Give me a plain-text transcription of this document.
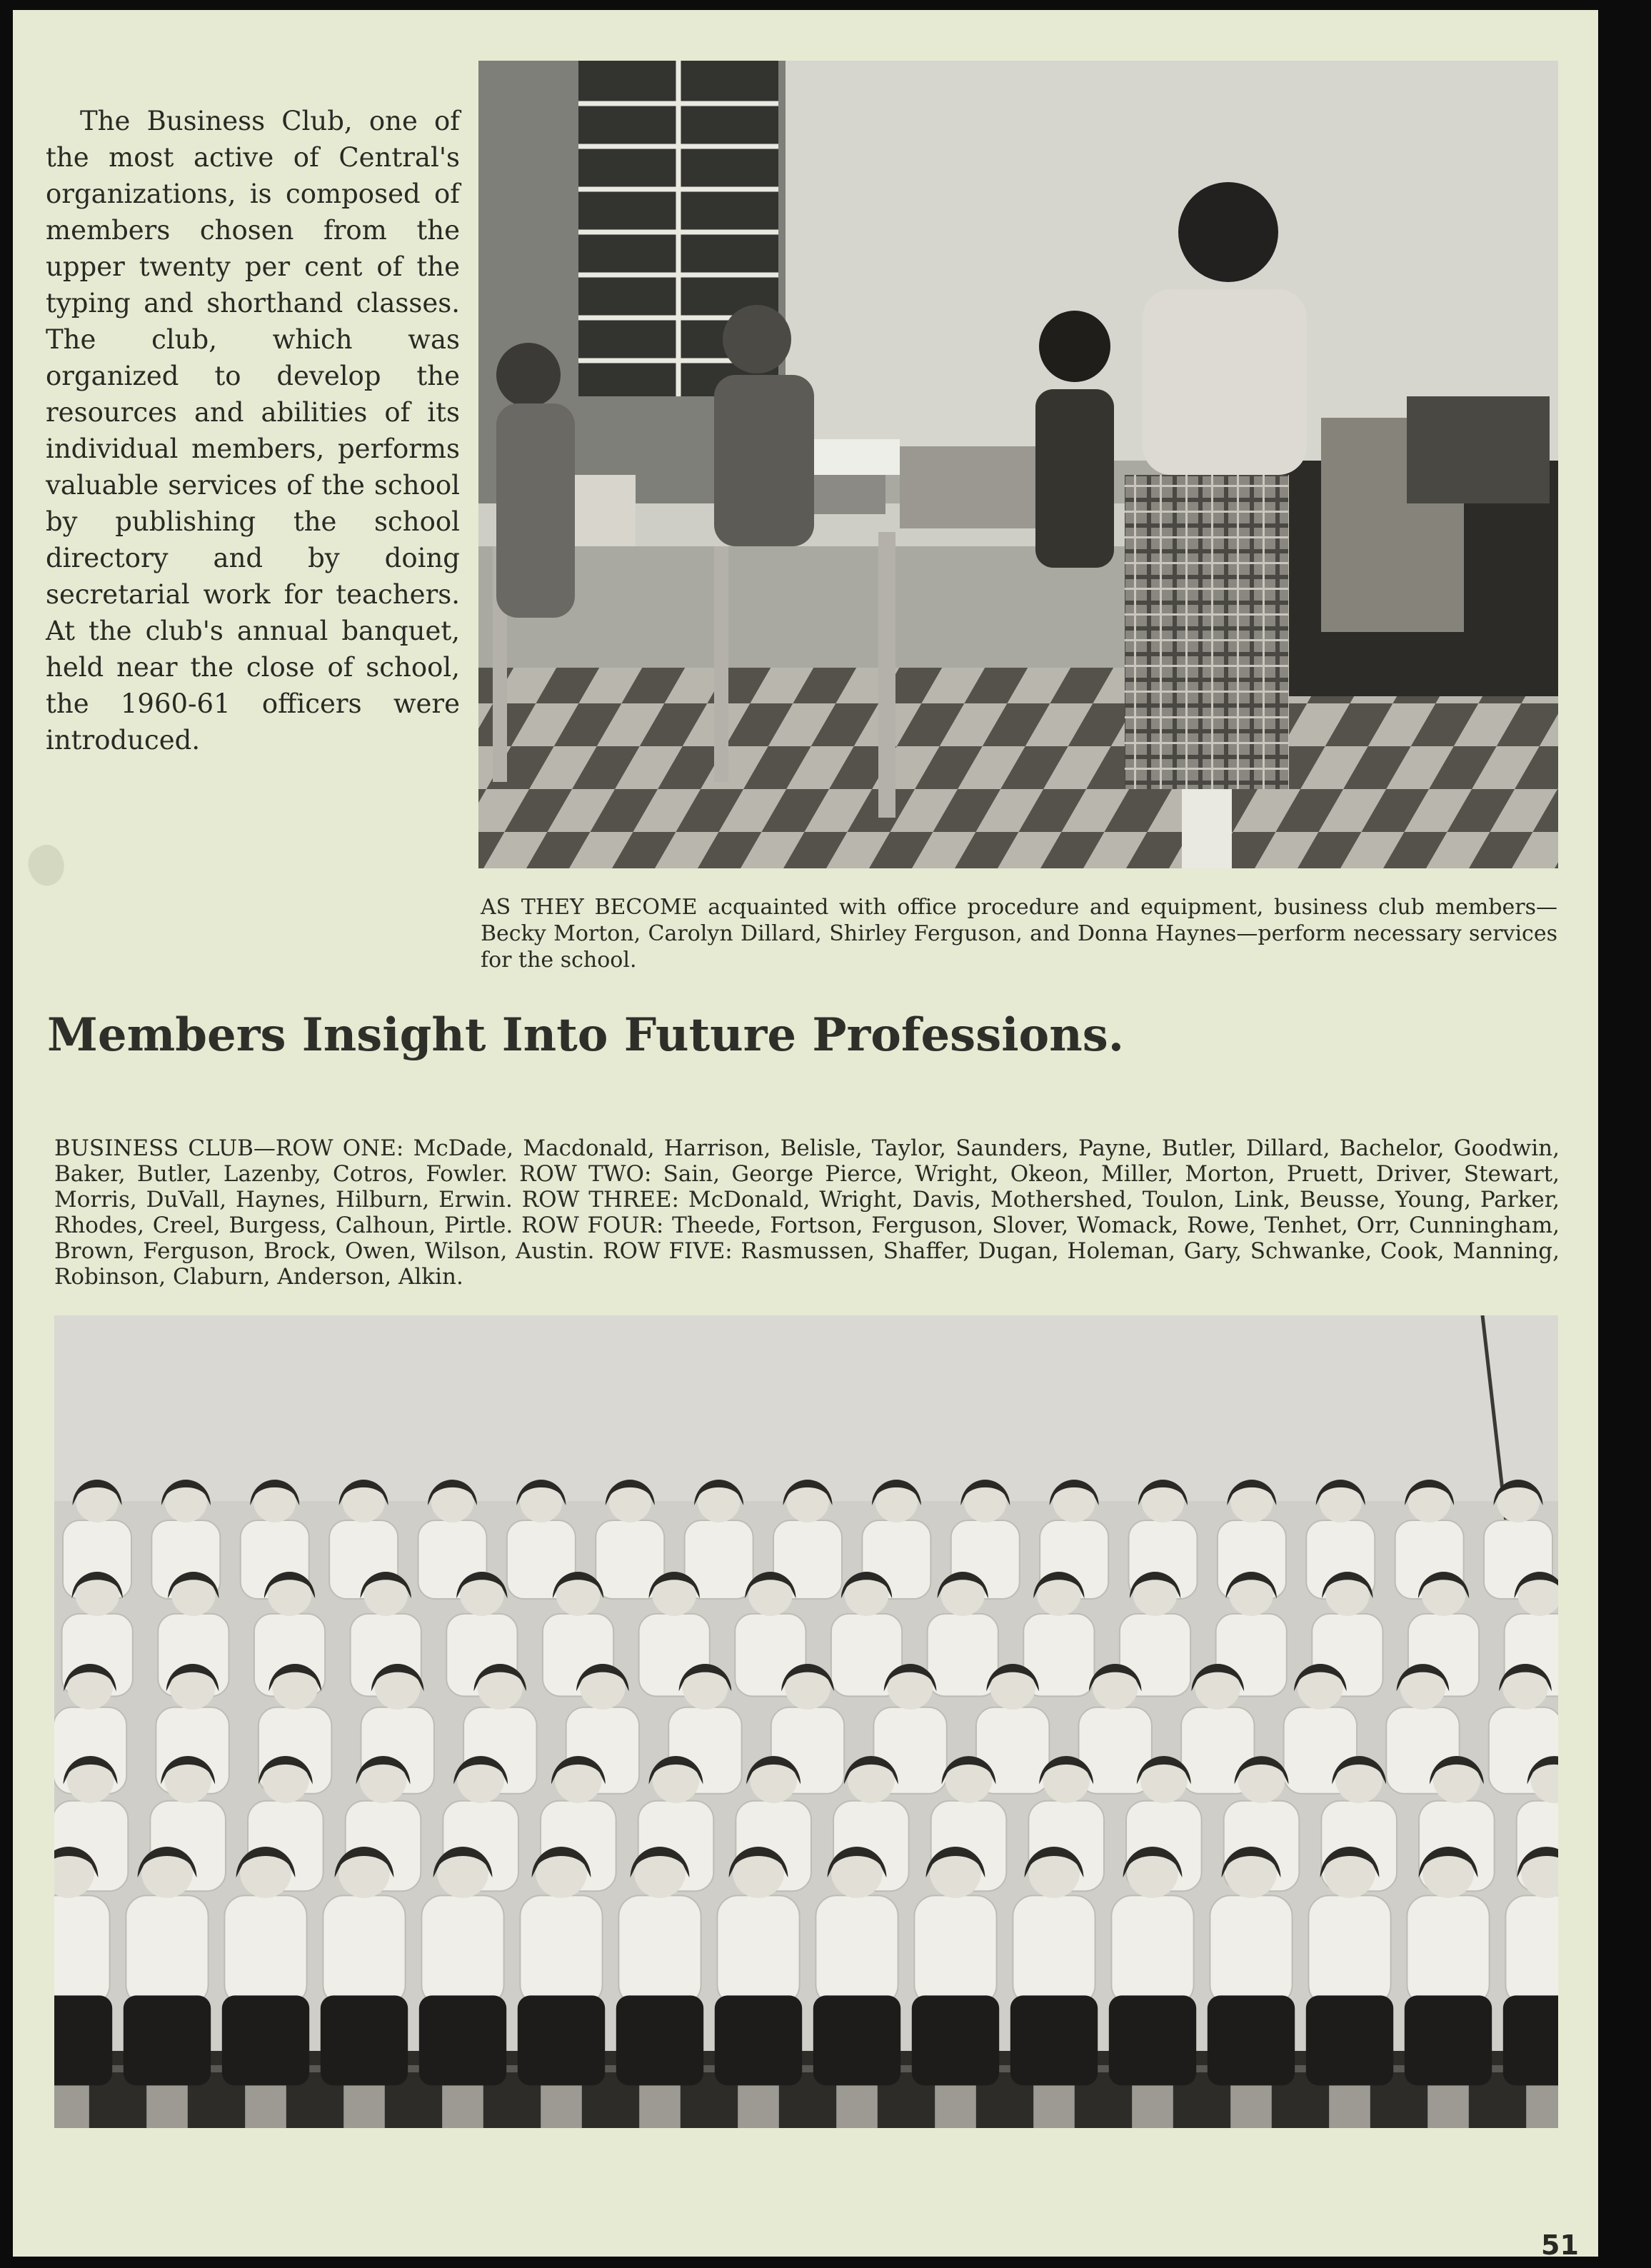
The Business Club, one of the most active of Central's organizations, is composed of members chosen from the upper twenty per cent of the typing and shorthand classes. The club, which was organized to develop the resources and abilities of its individual members, performs valuable services of the school by publishing the school directory and by doing secretarial work for teachers. At the club's annual banquet, held near the close of school, the 1960-61 officers were introduced.

AS THEY BECOME acquainted with office procedure and equipment, business club members—Becky Morton, Carolyn Dillard, Shirley Ferguson, and Donna Haynes—perform necessary services for the school.

Members Insight Into Future Professions.

BUSINESS CLUB—ROW ONE: McDade, Macdonald, Harrison, Belisle, Taylor, Saunders, Payne, Butler, Dillard, Bachelor, Goodwin, Baker, Butler, Lazenby, Cotros, Fowler. ROW TWO: Sain, George Pierce, Wright, Okeon, Miller, Morton, Pruett, Driver, Stewart, Morris, DuVall, Haynes, Hilburn, Erwin. ROW THREE: McDonald, Wright, Davis, Mothershed, Toulon, Link, Beusse, Young, Parker, Rhodes, Creel, Burgess, Calhoun, Pirtle. ROW FOUR: Theede, Fortson, Ferguson, Slover, Womack, Rowe, Tenhet, Orr, Cunningham, Brown, Ferguson, Brock, Owen, Wilson, Austin. ROW FIVE: Rasmussen, Shaffer, Dugan, Holeman, Gary, Schwanke, Cook, Manning, Robinson, Claburn, Anderson, Alkin.

51
